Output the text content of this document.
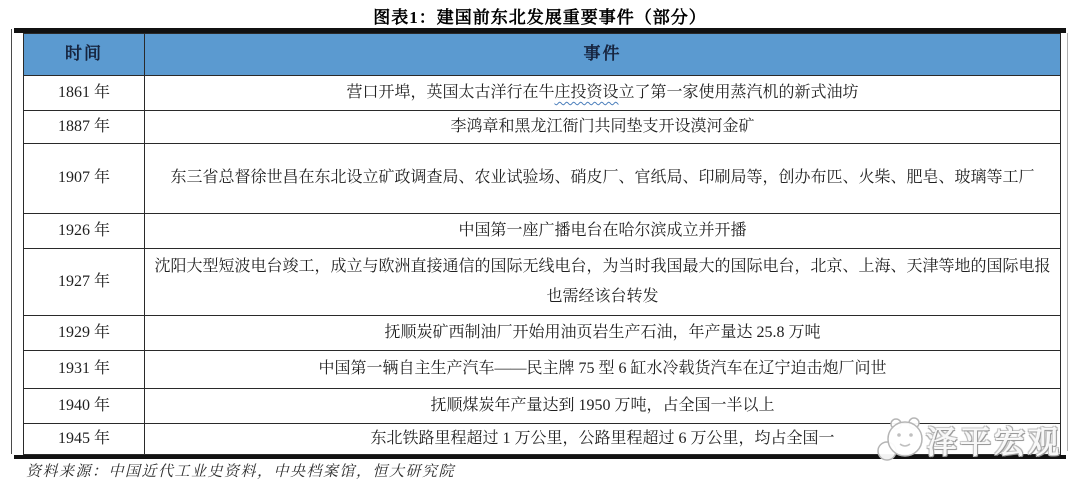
图表1：建国前东北发展重要事件（部分）
时间	事件
1861 年	营口开埠，英国太古洋行在牛庄投资设立了第一家使用蒸汽机的新式油坊
1887 年	李鸿章和黑龙江衙门共同垫支开设漠河金矿
1907 年	东三省总督徐世昌在东北设立矿政调查局、农业试验场、硝皮厂、官纸局、印刷局等，创办布匹、火柴、肥皂、玻璃等工厂
1926 年	中国第一座广播电台在哈尔滨成立并开播
1927 年	沈阳大型短波电台竣工，成立与欧洲直接通信的国际无线电台，为当时我国最大的国际电台，北京、上海、天津等地的国际电报也需经该台转发
1929 年	抚顺炭矿西制油厂开始用油页岩生产石油，年产量达 25.8 万吨
1931 年	中国第一辆自主生产汽车——民主牌 75 型 6 缸水冷载货汽车在辽宁迫击炮厂问世
1940 年	抚顺煤炭年产量达到 1950 万吨，占全国一半以上
1945 年	东北铁路里程超过 1 万公里，公路里程超过 6 万公里，均占全国一
资料来源：中国近代工业史资料，中央档案馆，恒大研究院
泽平宏观
